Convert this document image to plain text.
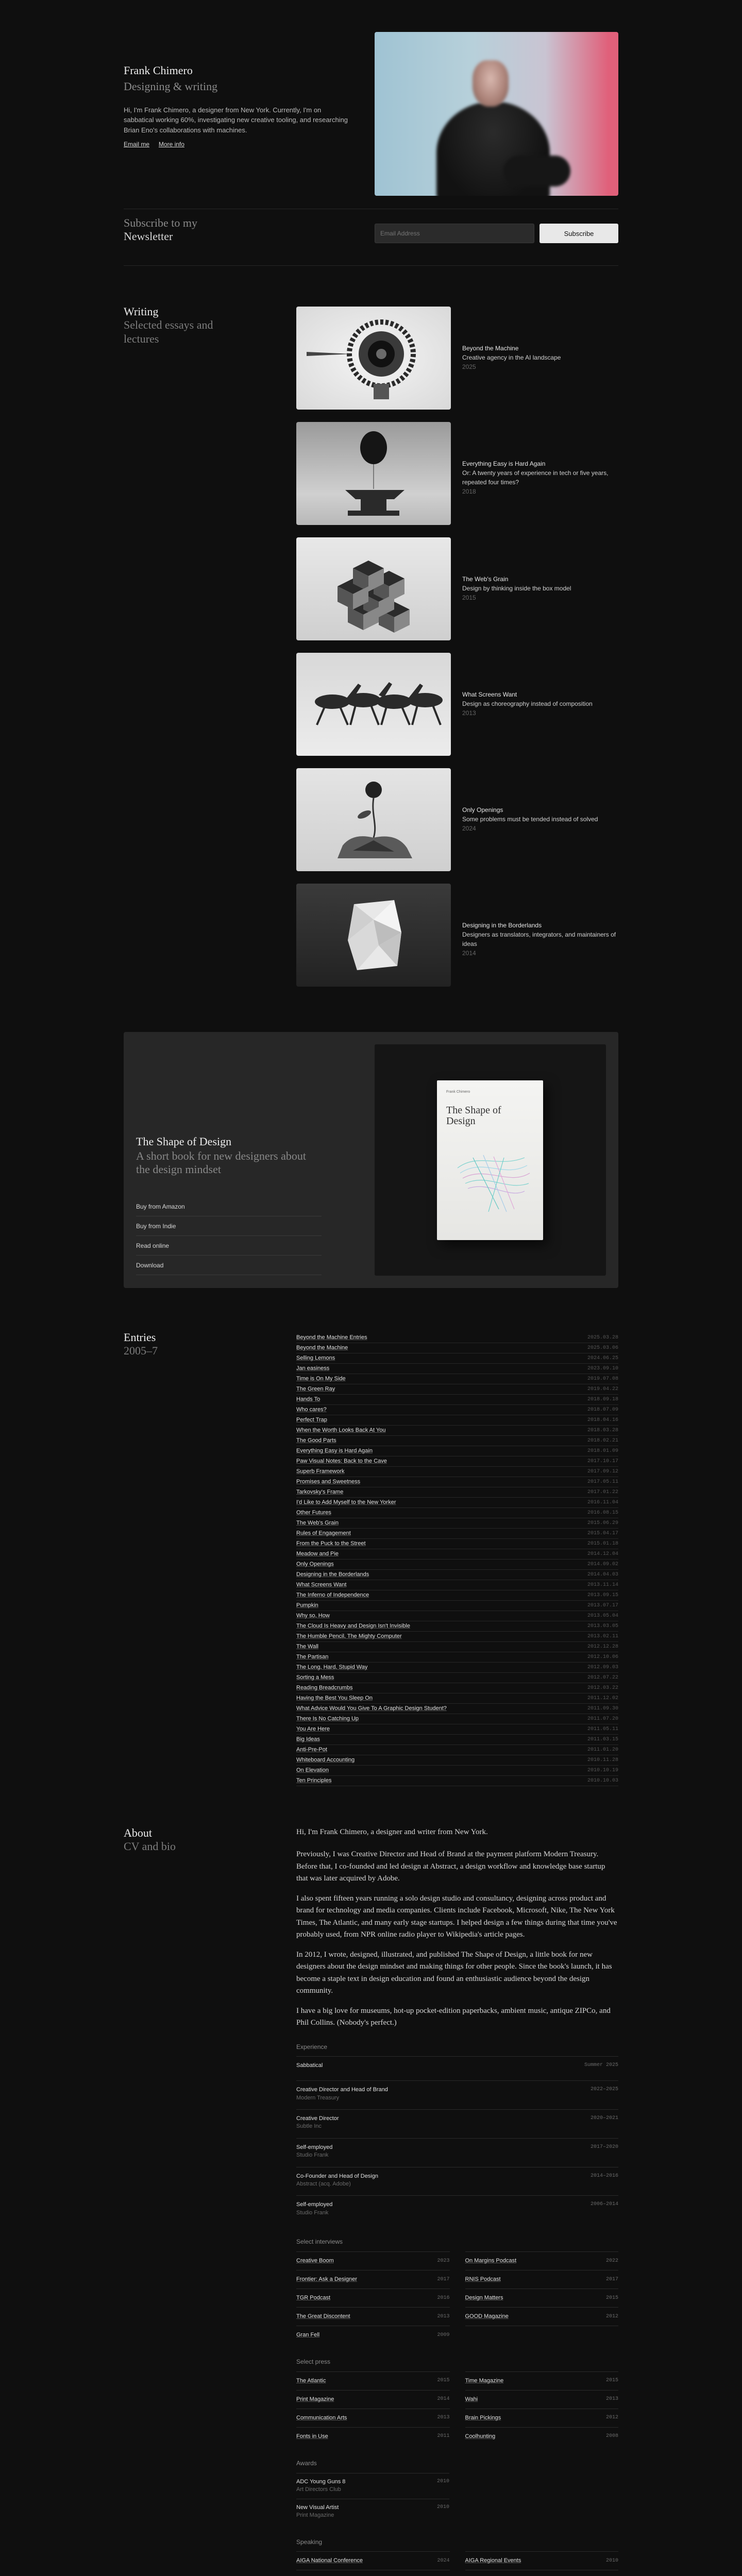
Frank Chimero
Designing & writing

Hi, I'm Frank Chimero, a designer from New York. Currently, I'm on sabbatical working 60%, investigating new creative tooling, and researching Brian Eno's collaborations with machines.

Email me More info
Subscribe to my
Newsletter
Email Address	Subscribe
Writing
Selected essays and lectures
Beyond the Machine
Creative agency in the AI landscape
2025
Everything Easy is Hard Again
Or: A twenty years of experience in tech or five years, repeated four times?
2018
The Web's Grain
Design by thinking inside the box model
2015
What Screens Want
Design as choreography instead of composition
2013
Only Openings
Some problems must be tended instead of solved
2024
Designing in the Borderlands
Designers as translators, integrators, and maintainers of ideas
2014
The Shape of Design
A short book for new designers about the design mindset
Buy from Amazon
Buy from Indie
Read online
Download
Frank Chimero
The Shape of Design
Entries
2005–7
Beyond the Machine Entries	2025.03.28
Beyond the Machine	2025.03.06
Selling Lemons	2024.06.25
Jan easiness	2023.09.10
Time is On My Side	2019.07.08
The Green Ray	2019.04.22
Hands To	2018.09.18
Who cares?	2018.07.09
Perfect Trap	2018.04.16
When the Worth Looks Back At You	2018.03.28
The Good Parts	2018.02.21
Everything Easy is Hard Again	2018.01.09
Paw Visual Notes: Back to the Cave	2017.10.17
Superb Framework	2017.09.12
Promises and Sweetness	2017.05.11
Tarkovsky's Frame	2017.01.22
I'd Like to Add Myself to the New Yorker	2016.11.04
Other Futures	2016.08.15
The Web's Grain	2015.06.29
Rules of Engagement	2015.04.17
From the Puck to the Street	2015.01.18
Meadow and Pie	2014.12.04
Only Openings	2014.09.02
Designing in the Borderlands	2014.04.03
What Screens Want	2013.11.14
The Inferno of Independence	2013.09.15
Pumpkin	2013.07.17
Why so, How	2013.05.04
The Cloud Is Heavy and Design Isn't Invisible	2013.03.05
The Humble Pencil, The Mighty Computer	2013.02.11
The Wall	2012.12.28
The Partisan	2012.10.06
The Long, Hard, Stupid Way	2012.09.03
Sorting a Mess	2012.07.22
Reading Breadcrumbs	2012.03.22
Having the Best You Sleep On	2011.12.02
What Advice Would You Give To A Graphic Design Student?	2011.09.30
There Is No Catching Up	2011.07.20
You Are Here	2011.05.11
Big Ideas	2011.03.15
Anti-Pre-Pot	2011.01.20
Whiteboard Accounting	2010.11.28
On Elevation	2010.10.19
Ten Principles	2010.10.03
About
CV and bio

Hi, I'm Frank Chimero, a designer and writer from New York.

Previously, I was Creative Director and Head of Brand at the payment platform Modern Treasury. Before that, I co-founded and led design at Abstract, a design workflow and knowledge base startup that was later acquired by Adobe.

I also spent fifteen years running a solo design studio and consultancy, designing across product and brand for technology and media companies. Clients include Facebook, Microsoft, Nike, The New York Times, The Atlantic, and many early stage startups. I helped design a few things during that time you've probably used, from NPR online radio player to Wikipedia's article pages.

In 2012, I wrote, designed, illustrated, and published The Shape of Design, a little book for new designers about the design mindset and making things for other people. Since the book's launch, it has become a staple text in design education and found an enthusiastic audience beyond the design community.

I have a big love for museums, hot-up pocket-edition paperbacks, ambient music, antique ZIPCo, and Phil Collins. (Nobody's perfect.)

Experience
Sabbatical	Summer 2025
Creative Director and Head of Brand
Modern Treasury
2022–2025
Creative Director
Subtle Inc
2020–2021
Self-employed
Studio Frank
2017–2020
Co-Founder and Head of Design
Abstract (acq. Adobe)
2014–2016
Self-employed
Studio Frank
2006–2014
Select interviews
Creative Boom	2023	On Margins Podcast	2022
Frontier: Ask a Designer	2017	RNIS Podcast	2017
TGR Podcast	2016	Design Matters	2015
The Great Discontent	2013	GOOD Magazine	2012
Gran Fell	2009
Select press
The Atlantic	2015	Time Magazine	2015
Print Magazine	2014	Wahi	2013
Communication Arts	2013	Brain Pickings	2012
Fonts in Use	2011	Coolhunting	2008
Awards
ADC Young Guns 8
Art Directors Club
2010
New Visual Artist
Print Magazine
2010
Speaking
AIGA National Conference	2024	AIGA Regional Events	2010
